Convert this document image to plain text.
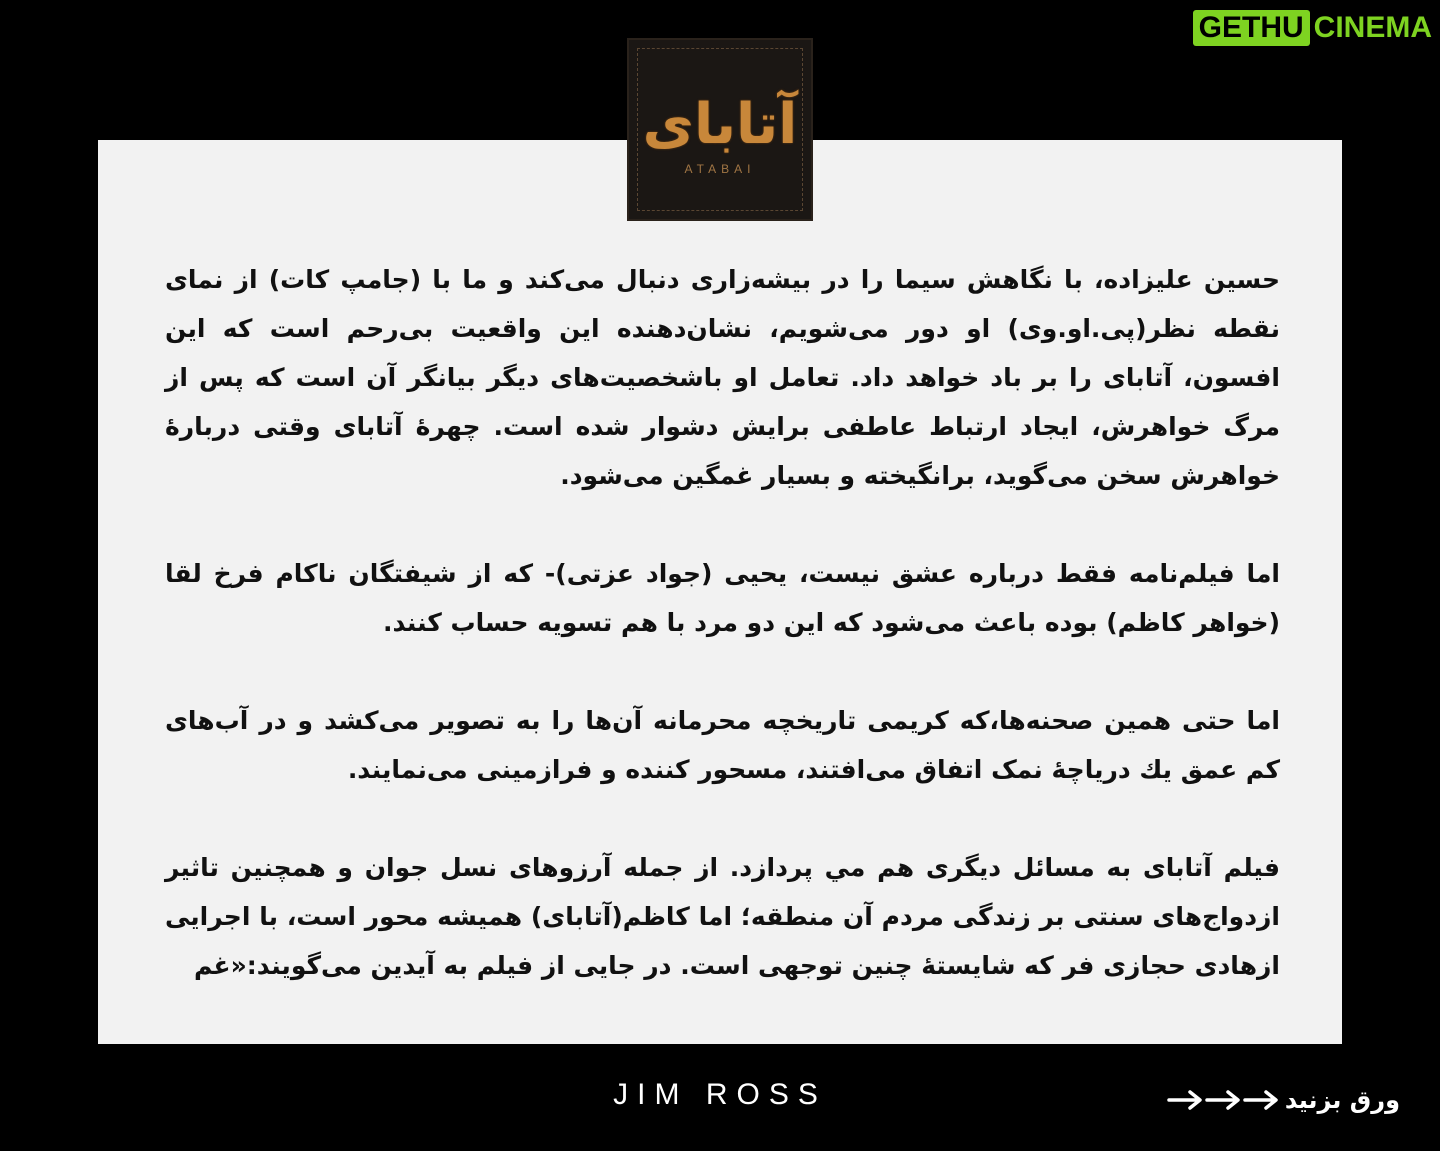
GETHU CINEMA
آتابای
ATABAI

حسین علیزاده، با نگاهش سیما را در بیشه‌زاری دنبال می‌کند و ما با (جامپ کات) از نمای نقطه نظر(پی.او.وی) او دور می‌شویم، نشان‌دهنده این واقعیت بی‌رحم است که این افسون، آتابای را بر باد خواهد داد. تعامل او باشخصیت‌های دیگر بیانگر آن است که پس از مرگ خواهرش، ایجاد ارتباط عاطفی برایش دشوار شده است. چهرهٔ آتابای وقتی دربارهٔ خواهرش سخن می‌گوید، برانگیخته و بسیار غمگین می‌شود.

اما فیلم‌نامه فقط درباره عشق نیست، یحیی (جواد عزتی)- که از شیفتگان ناکام فرخ لقا (خواهر کاظم) بوده باعث می‌شود که این دو مرد با هم تسویه حساب کنند.

اما حتی همین صحنه‌ها،که کریمی تاریخچه محرمانه آن‌ها را به تصویر می‌کشد و در آب‌های کم عمق یك دریاچهٔ نمک اتفاق می‌افتند، مسحور کننده و فرازمینی می‌نمایند.

فیلم آتابای به مسائل دیگری هم مي پردازد. از جمله آرزوهای نسل جوان و همچنین تاثیر ازدواج‌های سنتی بر زندگی مردم آن منطقه؛ اما کاظم(آتابای) همیشه محور است، با اجرایی ازهادی حجازی فر که شایستهٔ چنین توجهی است. در جایی از فیلم به آیدین می‌گویند:«غم

JIM ROSS	ورق بزنید
